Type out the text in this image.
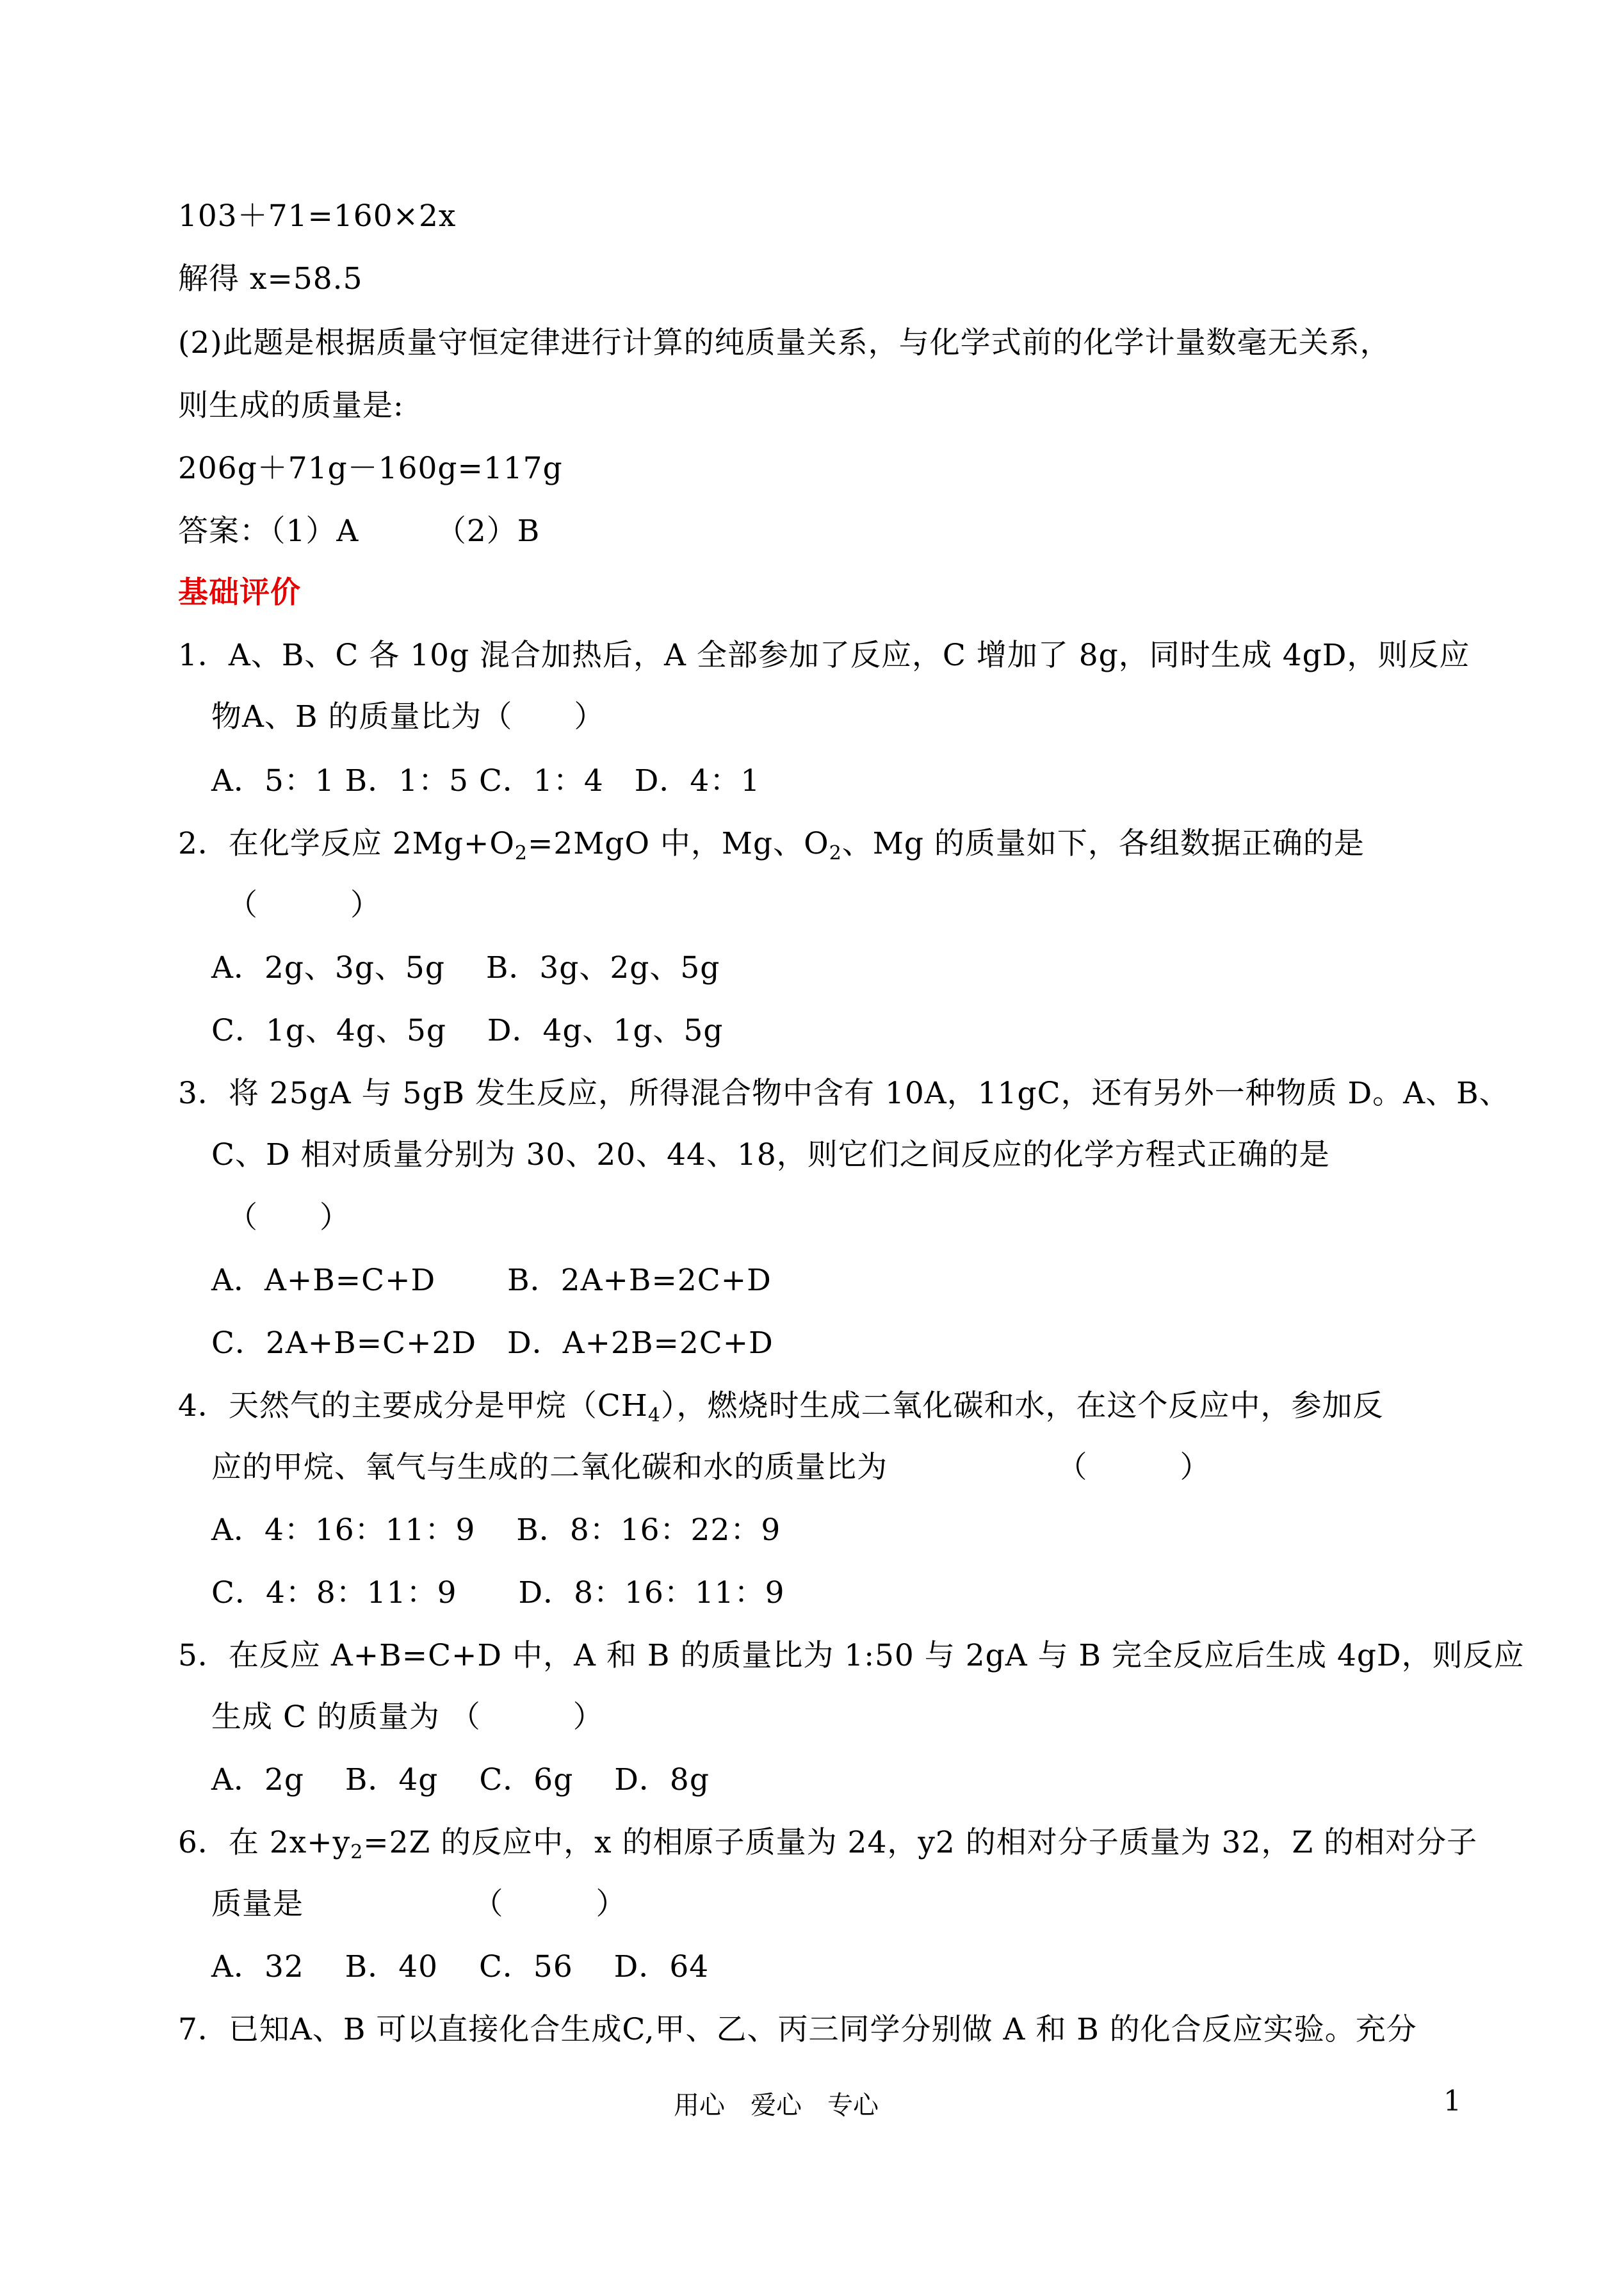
103＋71=160×2x
解得 x=58.5
(2)此题是根据质量守恒定律进行计算的纯质量关系，与化学式前的化学计量数毫无关系，
则生成的质量是:
206g＋71g－160g=117g
答案：（1）A　　　（2）B
基础评价
1．A、B、C 各 10g 混合加热后，A 全部参加了反应，C 增加了 8g，同时生成 4gD，则反应
物A、B 的质量比为（　　）
A．5：1 B．1：5 C．1：4　D．4：1
2．在化学反应 $2Mg+O_2=2MgO$ 中，Mg、$O_2$、Mg 的质量如下，各组数据正确的是
（　　　）
A．2g、3g、5g　 B．3g、2g、5g
C．1g、4g、5g　 D．4g、1g、5g
3．将 25gA 与 5gB 发生反应，所得混合物中含有 10A，11gC，还有另外一种物质 D。A、B、
C、D 相对质量分别为 30、20、44、18，则它们之间反应的化学方程式正确的是
（　　）
A．A+B=C+D　　 B．2A+B=2C+D
C．2A+B=C+2D　D．A+2B=2C+D
4．天然气的主要成分是甲烷$(CH_4)$，燃烧时生成二氧化碳和水，在这个反应中，参加反
应的甲烷、氧气与生成的二氧化碳和水的质量比为　　　　　　（　　　）
A．4：16：11：9　 B．8：16：22：9
C．4：8：11：9　　D．8：16：11：9
5．在反应 A+B=C+D 中，A 和 B 的质量比为 1:50 与 2gA 与 B 完全反应后生成 4gD，则反应
生成 C 的质量为 （　　　）
A．2g　 B．4g　 C．6g　 D．8g
6．在 $2x+y_2=2Z$ 的反应中，x 的相原子质量为 24，y2 的相对分子质量为 32，Z 的相对分子
质量是　　　　　　（　　　）
A．32　 B．40　 C．56　 D．64
7．已知A、B 可以直接化合生成C,甲、乙、丙三同学分别做 A 和 B 的化合反应实验。充分
用心　爱心　专心	1
